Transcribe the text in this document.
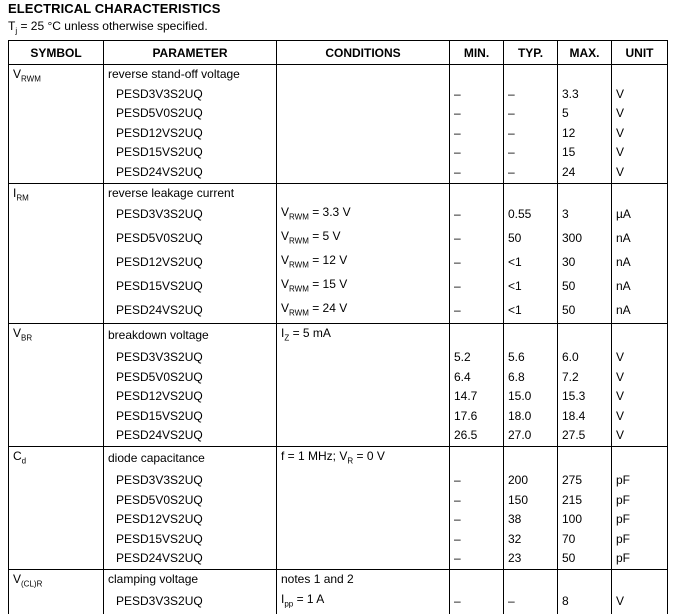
ELECTRICAL CHARACTERISTICS
$T_j = 25$ °C unless otherwise specified.
SYMBOL	PARAMETER	CONDITIONS	MIN.	TYP.	MAX.	UNIT
$V_{RWM}$	reverse stand-off voltage					
	PESD3V3S2UQ		–	–	3.3	V
	PESD5V0S2UQ		–	–	5	V
	PESD12VS2UQ		–	–	12	V
	PESD15VS2UQ		–	–	15	V
	PESD24VS2UQ		–	–	24	V
$I_{RM}$	reverse leakage current					
	PESD3V3S2UQ	$V_{RWM} = 3.3$ V	–	0.55	3	µA
	PESD5V0S2UQ	$V_{RWM} = 5$ V	–	50	300	nA
	PESD12VS2UQ	$V_{RWM} = 12$ V	–	<1	30	nA
	PESD15VS2UQ	$V_{RWM} = 15$ V	–	<1	50	nA
	PESD24VS2UQ	$V_{RWM} = 24$ V	–	<1	50	nA
$V_{BR}$	breakdown voltage	$I_Z = 5$ mA				
	PESD3V3S2UQ		5.2	5.6	6.0	V
	PESD5V0S2UQ		6.4	6.8	7.2	V
	PESD12VS2UQ		14.7	15.0	15.3	V
	PESD15VS2UQ		17.6	18.0	18.4	V
	PESD24VS2UQ		26.5	27.0	27.5	V
$C_d$	diode capacitance	f = 1 MHz; $V_R = 0$ V				
	PESD3V3S2UQ		–	200	275	pF
	PESD5V0S2UQ		–	150	215	pF
	PESD12VS2UQ		–	38	100	pF
	PESD15VS2UQ		–	32	70	pF
	PESD24VS2UQ		–	23	50	pF
$V_{(CL)R}$	clamping voltage	notes 1 and 2				
	PESD3V3S2UQ	$I_{pp} = 1$ A	–	–	8	V
